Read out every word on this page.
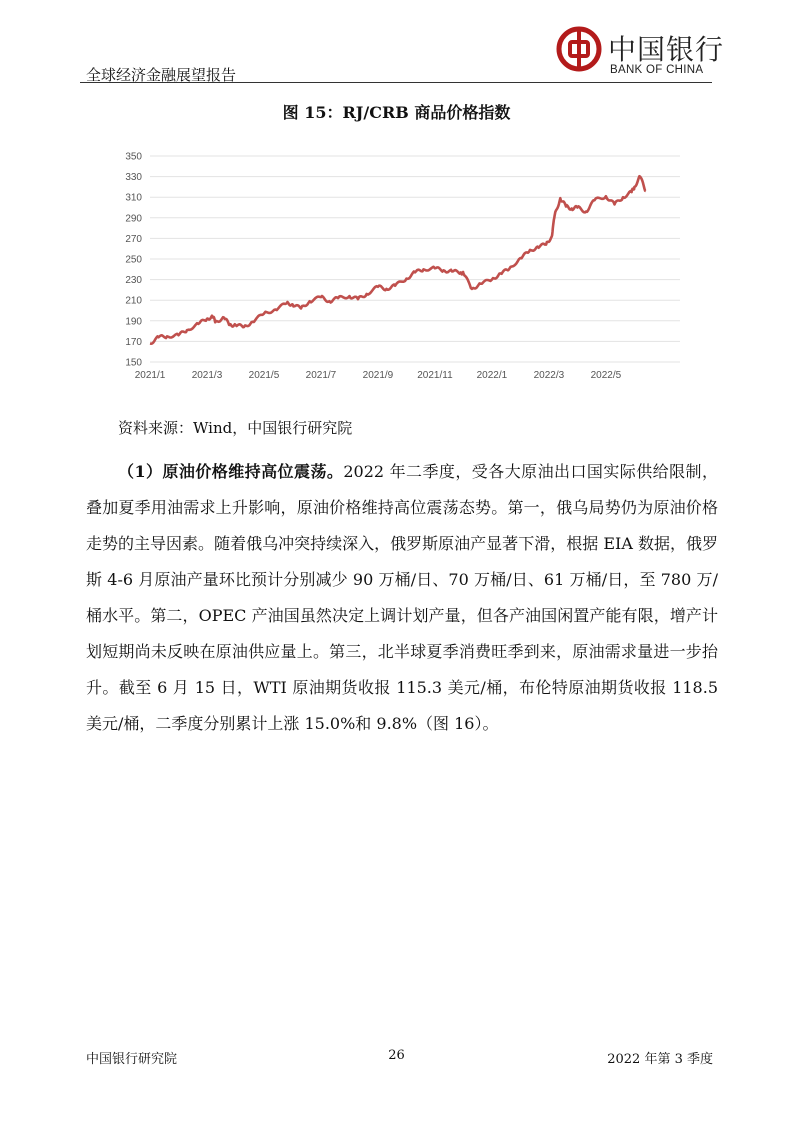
全球经济金融展望报告
中国银行
BANK OF CHINA
图 15：RJ/CRB 商品价格指数
150
170
190
210
230
250
270
290
310
330
350
2021/1	2021/3	2021/5	2021/7	2021/9 2021/11 2022/1	2022/3	2022/5
资料来源：Wind，中国银行研究院

（1）原油价格维持高位震荡。2022 年二季度，受各大原油出口国实际供给限制，叠加夏季用油需求上升影响，原油价格维持高位震荡态势。第一，俄乌局势仍为原油价格走势的主导因素。随着俄乌冲突持续深入，俄罗斯原油产显著下滑，根据 EIA 数据，俄罗斯 4-6 月原油产量环比预计分别减少 90 万桶/日、70 万桶/日、61 万桶/日，至 780 万/桶水平。第二，OPEC 产油国虽然决定上调计划产量，但各产油国闲置产能有限，增产计划短期尚未反映在原油供应量上。第三，北半球夏季消费旺季到来，原油需求量进一步抬升。截至 6 月 15 日，WTI 原油期货收报 115.3 美元/桶，布伦特原油期货收报 118.5 美元/桶，二季度分别累计上涨 15.0%和 9.8%（图 16）。

中国银行研究院	26	2022 年第 3 季度
